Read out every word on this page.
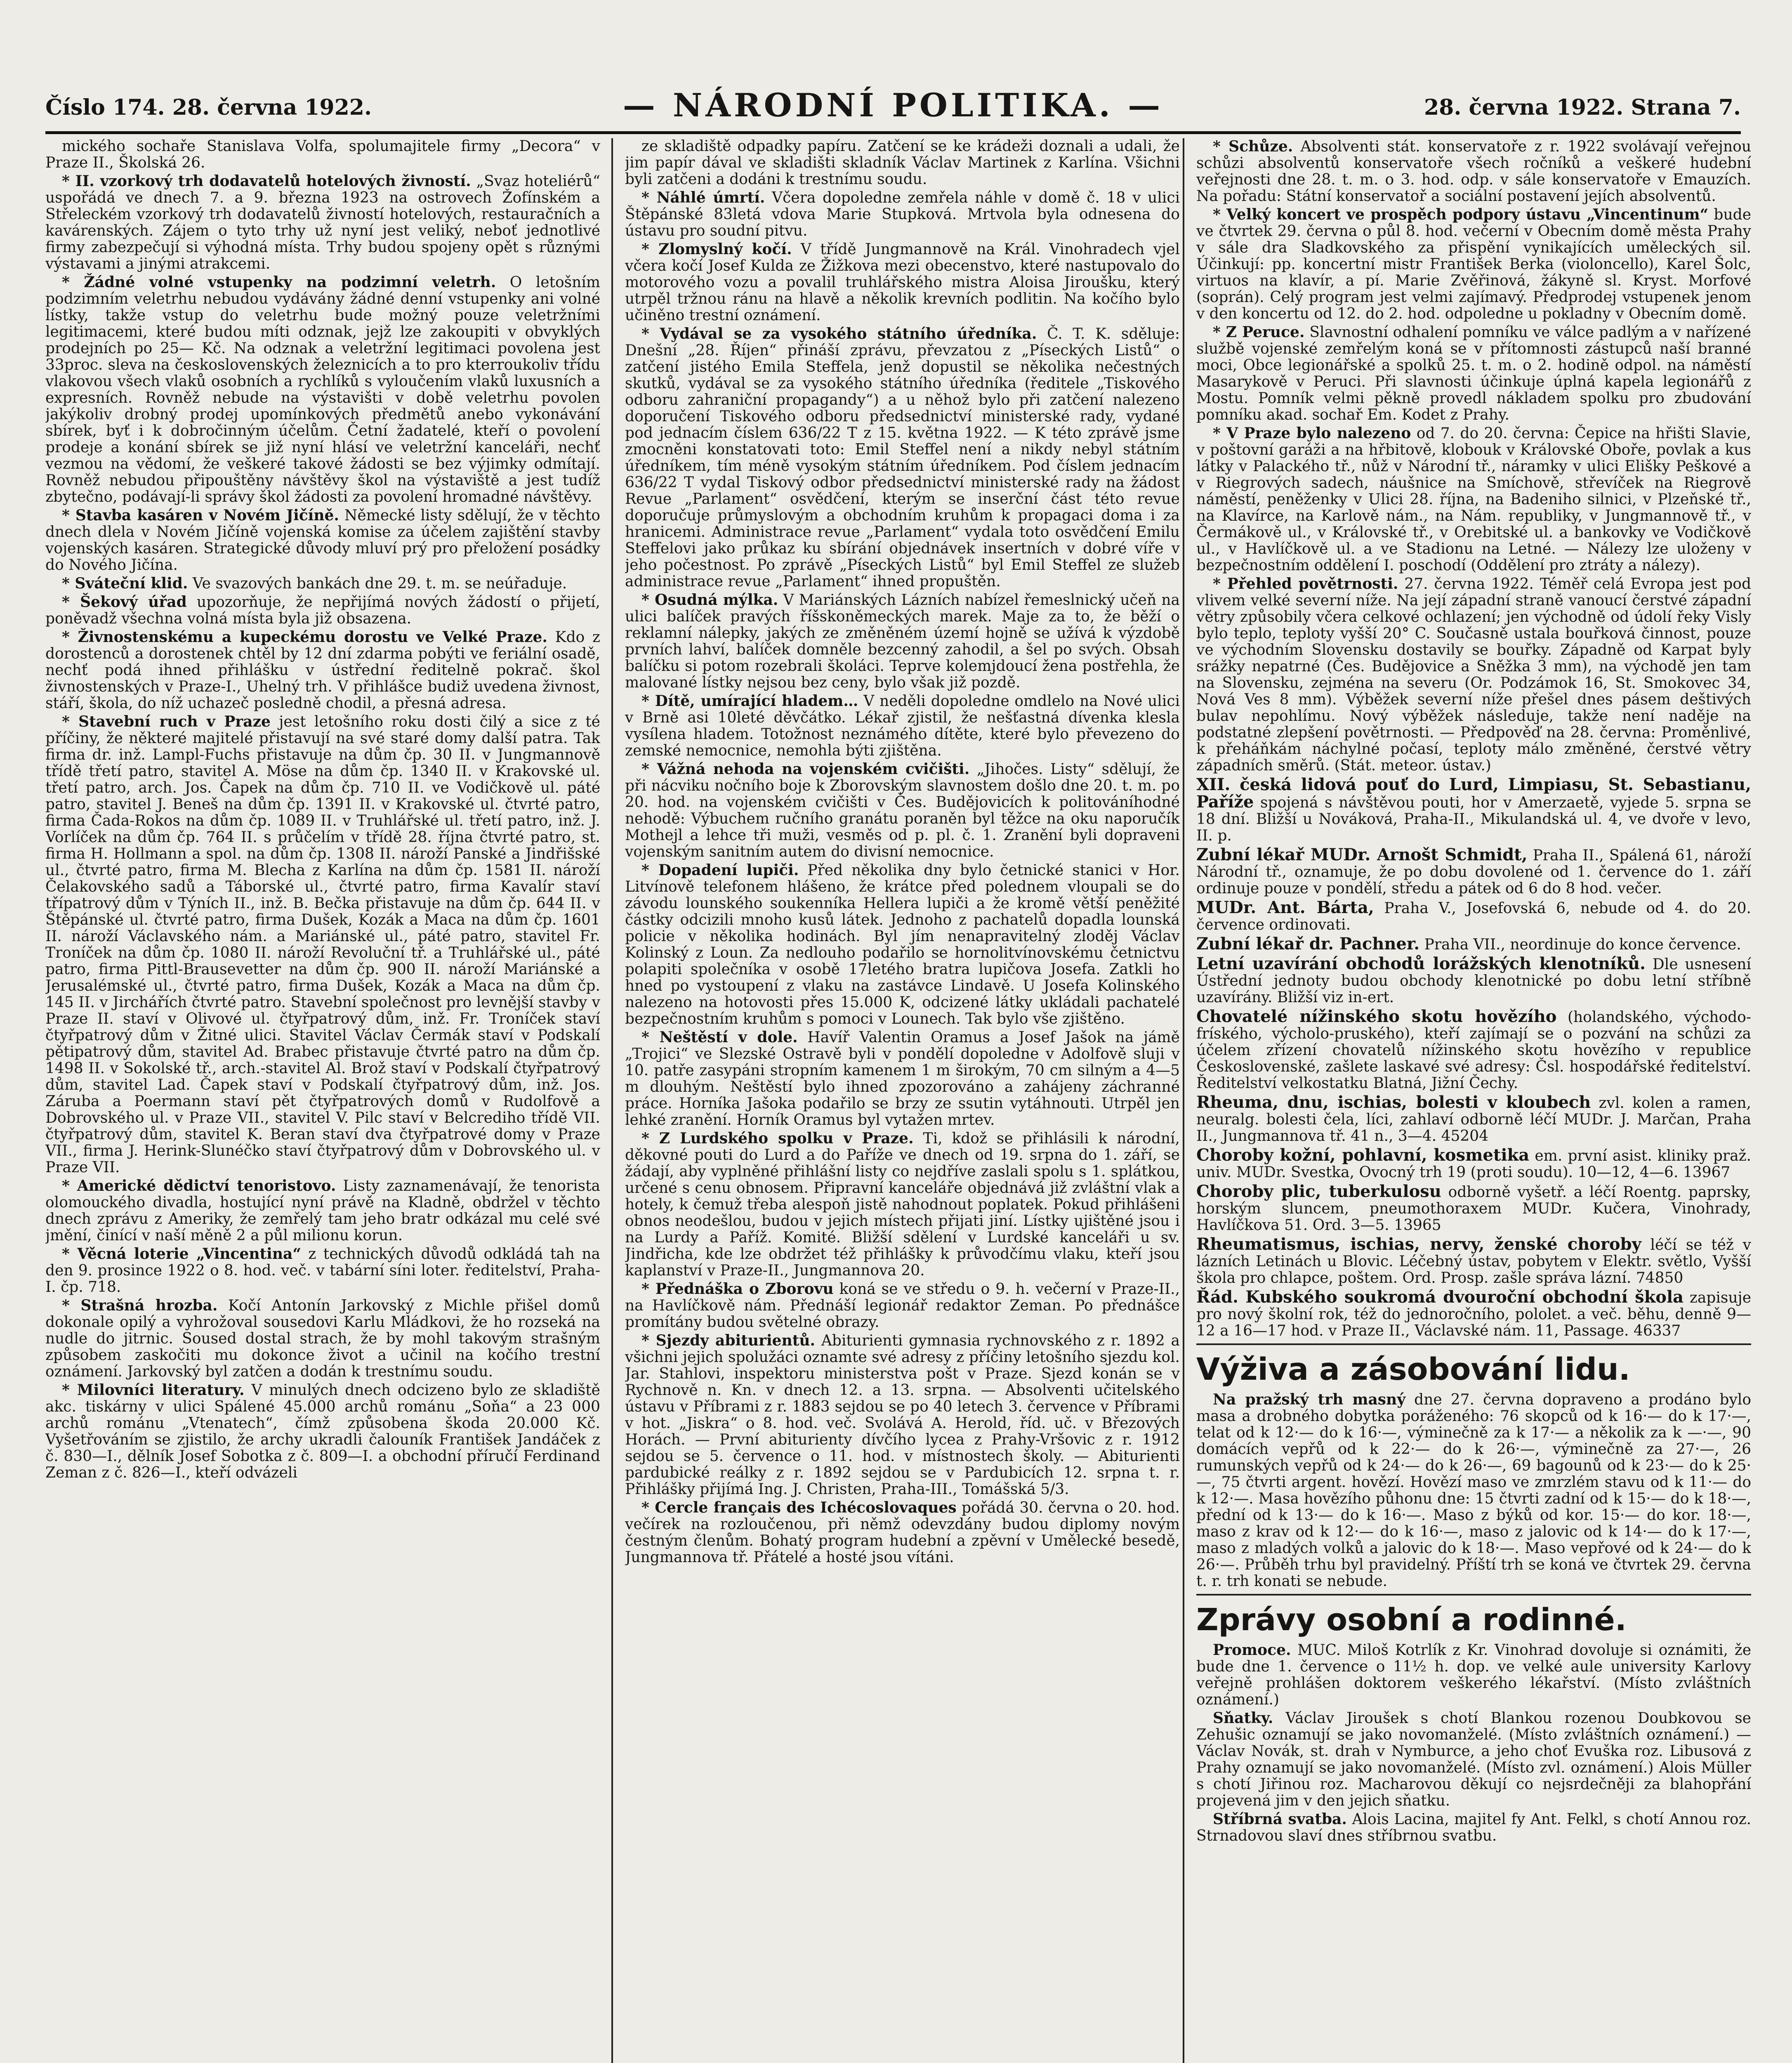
Číslo 174. 28. června 1922.	— NÁRODNÍ POLITIKA. —	28. června 1922. Strana 7.

mického sochaře Stanislava Volfa, spolumajitele firmy „Decora“ v Praze II., Školská 26.

* II. vzorkový trh dodavatelů hotelových živností. „Svaz hoteliérů“ uspořádá ve dnech 7. a 9. března 1923 na ostrovech Žofínském a Střeleckém vzorkový trh dodavatelů živností hotelových, restauračních a kavárenských. Zájem o tyto trhy už nyní jest veliký, neboť jednotlivé firmy zabezpečují si výhodná místa. Trhy budou spojeny opět s různými výstavami a jinými atrakcemi.

* Žádné volné vstupenky na podzimní veletrh. O letošním podzimním veletrhu nebudou vydávány žádné denní vstupenky ani volné lístky, takže vstup do veletrhu bude možný pouze veletržními legitimacemi, které budou míti odznak, jejž lze zakoupiti v obvyklých prodejních po 25— Kč. Na odznak a veletržní legitimaci povolena jest 33proc. sleva na československých železnicích a to pro kterroukoliv třídu vlakovou všech vlaků osobních a rychlíků s vyloučením vlaků luxusních a expresních. Rovněž nebude na výstavišti v době veletrhu povolen jakýkoliv drobný prodej upomínkových předmětů anebo vykonávání sbírek, byť i k dobročinným účelům. Četní žadatelé, kteří o povolení prodeje a konání sbírek se již nyní hlásí ve veletržní kanceláři, nechť vezmou na vědomí, že veškeré takové žádosti se bez výjimky odmítají. Rovněž nebudou připouštěny návštěvy škol na výstaviště a jest tudíž zbytečno, podávají-li správy škol žádosti za povolení hromadné návštěvy.

* Stavba kasáren v Novém Jičíně. Německé listy sdělují, že v těchto dnech dlela v Novém Jičíně vojenská komise za účelem zajištění stavby vojenských kasáren. Strategické důvody mluví prý pro přeložení posádky do Nového Jičína.

* Sváteční klid. Ve svazových bankách dne 29. t. m. se neúřaduje.

* Šekový úřad upozorňuje, že nepřijímá nových žádostí o přijetí, poněvadž všechna volná místa byla již obsazena.

* Živnostenskému a kupeckému dorostu ve Velké Praze. Kdo z dorostenců a dorostenek chtěl by 12 dní zdarma pobýti ve feriální osadě, nechť podá ihned přihlášku v ústřední ředitelně pokrač. škol živnostenských v Praze-I., Uhelný trh. V přihlášce budiž uvedena živnost, stáří, škola, do níž uchazeč posledně chodil, a přesná adresa.

* Stavební ruch v Praze jest letošního roku dosti čilý a sice z té příčiny, že některé majitelé přistavují na své staré domy další patra. Tak firma dr. inž. Lampl-Fuchs přistavuje na dům čp. 30 II. v Jungmannově třídě třetí patro, stavitel A. Möse na dům čp. 1340 II. v Krakovské ul. třetí patro, arch. Jos. Čapek na dům čp. 710 II. ve Vodičkově ul. páté patro, stavitel J. Beneš na dům čp. 1391 II. v Krakovské ul. čtvrté patro, firma Čada-Rokos na dům čp. 1089 II. v Truhlářské ul. třetí patro, inž. J. Vorlíček na dům čp. 764 II. s průčelím v třídě 28. října čtvrté patro, st. firma H. Hollmann a spol. na dům čp. 1308 II. nároží Panské a Jindřišské ul., čtvrté patro, firma M. Blecha z Karlína na dům čp. 1581 II. nároží Čelakovského sadů a Táborské ul., čtvrté patro, firma Kavalír staví třípatrový dům v Týních II., inž. B. Bečka přistavuje na dům čp. 644 II. v Štěpánské ul. čtvrté patro, firma Dušek, Kozák a Maca na dům čp. 1601 II. nároží Václavského nám. a Mariánské ul., páté patro, stavitel Fr. Troníček na dům čp. 1080 II. nároží Revoluční tř. a Truhlářské ul., páté patro, firma Pittl-Brausevetter na dům čp. 900 II. nároží Mariánské a Jerusalémské ul., čtvrté patro, firma Dušek, Kozák a Maca na dům čp. 145 II. v Jirchářích čtvrté patro. Stavební společnost pro levnější stavby v Praze II. staví v Olivové ul. čtyřpatrový dům, inž. Fr. Troníček staví čtyřpatrový dům v Žitné ulici. Stavitel Václav Čermák staví v Podskalí pětipatrový dům, stavitel Ad. Brabec přistavuje čtvrté patro na dům čp. 1498 II. v Sokolské tř., arch.-stavitel Al. Brož staví v Podskalí čtyřpatrový dům, stavitel Lad. Čapek staví v Podskalí čtyřpatrový dům, inž. Jos. Záruba a Poermann staví pět čtyřpatrových domů v Rudolfově a Dobrovského ul. v Praze VII., stavitel V. Pilc staví v Belcrediho třídě VII. čtyřpatrový dům, stavitel K. Beran staví dva čtyřpatrové domy v Praze VII., firma J. Herink-Slunéčko staví čtyřpatrový dům v Dobrovského ul. v Praze VII.

* Americké dědictví tenoristovo. Listy zaznamenávají, že tenorista olomouckého divadla, hostující nyní právě na Kladně, obdržel v těchto dnech zprávu z Ameriky, že zemřelý tam jeho bratr odkázal mu celé své jmění, činící v naší měně 2 a půl milionu korun.

* Věcná loterie „Vincentina“ z technických důvodů odkládá tah na den 9. prosince 1922 o 8. hod. več. v tabární síni loter. ředitelství, Praha-I. čp. 718.

* Strašná hrozba. Kočí Antonín Jarkovský z Michle přišel domů dokonale opilý a vyhrožoval sousedovi Karlu Mládkovi, že ho rozseká na nudle do jitrnic. Soused dostal strach, že by mohl takovým strašným způsobem zaskočiti mu dokonce život a učinil na kočího trestní oznámení. Jarkovský byl zatčen a dodán k trestnímu soudu.

* Milovníci literatury. V minulých dnech odcizeno bylo ze skladiště akc. tiskárny v ulici Spálené 45.000 archů románu „Soňa“ a 23 000 archů románu „Vtenatech“, čímž způsobena škoda 20.000 Kč. Vyšetřováním se zjistilo, že archy ukradli čalouník František Jandáček z č. 830—I., dělník Josef Sobotka z č. 809—I. a obchodní příručí Ferdinand Zeman z č. 826—I., kteří odvázeli

ze skladiště odpadky papíru. Zatčení se ke krádeži doznali a udali, že jim papír dával ve skladišti skladník Václav Martinek z Karlína. Všichni byli zatčeni a dodáni k trestnímu soudu.

* Náhlé úmrtí. Včera dopoledne zemřela náhle v domě č. 18 v ulici Štěpánské 83letá vdova Marie Stupková. Mrtvola byla odnesena do ústavu pro soudní pitvu.

* Zlomyslný kočí. V třídě Jungmannově na Král. Vinohradech vjel včera kočí Josef Kulda ze Žižkova mezi obecenstvo, které nastupovalo do motorového vozu a povalil truhlářského mistra Aloisa Jiroušku, který utrpěl tržnou ránu na hlavě a několik krevních podlitin. Na kočího bylo učiněno trestní oznámení.

* Vydával se za vysokého státního úředníka. Č. T. K. sděluje: Dnešní „28. Říjen“ přináší zprávu, převzatou z „Píseckých Listů“ o zatčení jistého Emila Steffela, jenž dopustil se několika nečestných skutků, vydával se za vysokého státního úředníka (ředitele „Tiskového odboru zahraniční propagandy“) a u něhož bylo při zatčení nalezeno doporučení Tiskového odboru předsednictví ministerské rady, vydané pod jednacím číslem 636/22 T z 15. května 1922. — K této zprávě jsme zmocněni konstatovati toto: Emil Steffel není a nikdy nebyl státním úředníkem, tím méně vysokým státním úředníkem. Pod číslem jednacím 636/22 T vydal Tiskový odbor předsednictví ministerské rady na žádost Revue „Parlament“ osvědčení, kterým se inserční část této revue doporučuje průmyslovým a obchodním kruhům k propagaci doma i za hranicemi. Administrace revue „Parlament“ vydala toto osvědčení Emilu Steffelovi jako průkaz ku sbírání objednávek insertních v dobré víře v jeho počestnost. Po zprávě „Píseckých Listů“ byl Emil Steffel ze služeb administrace revue „Parlament“ ihned propuštěn.

* Osudná mýlka. V Mariánských Lázních nabízel řemeslnický učeň na ulici balíček pravých říšskoněmeckých marek. Maje za to, že běží o reklamní nálepky, jakých ze změněném území hojně se užívá k výzdobě prvních lahví, balíček domněle bezcenný zahodil, a šel po svých. Obsah balíčku si potom rozebrali školáci. Teprve kolemjdoucí žena postřehla, že malované lístky nejsou bez ceny, bylo však již pozdě.

* Dítě, umírající hladem… V neděli dopoledne omdlelo na Nové ulici v Brně asi 10leté děvčátko. Lékař zjistil, že nešťastná dívenka klesla vysílena hladem. Totožnost neznámého dítěte, které bylo převezeno do zemské nemocnice, nemohla býti zjištěna.

* Vážná nehoda na vojenském cvičišti. „Jihočes. Listy“ sdělují, že při nácviku nočního boje k Zborovským slavnostem došlo dne 20. t. m. po 20. hod. na vojenském cvičišti v Čes. Budějovicích k politováníhodné nehodě: Výbuchem ručního granátu poraněn byl těžce na oku naporučík Mothejl a lehce tři muži, vesměs od p. pl. č. 1. Zranění byli dopraveni vojenským sanitním autem do divisní nemocnice.

* Dopadení lupiči. Před několika dny bylo četnické stanici v Hor. Litvínově telefonem hlášeno, že krátce před polednem vloupali se do závodu lounského soukenníka Hellera lupiči a že kromě větší peněžité částky odcizili mnoho kusů látek. Jednoho z pachatelů dopadla lounská policie v několika hodinách. Byl jím nenapravitelný zloděj Václav Kolinský z Loun. Za nedlouho podařilo se hornolitvínovskému četnictvu polapiti společníka v osobě 17letého bratra lupičova Josefa. Zatkli ho hned po vystoupení z vlaku na zastávce Lindavě. U Josefa Kolinského nalezeno na hotovosti přes 15.000 K, odcizené látky ukládali pachatelé bezpečnostním kruhům s pomoci v Lounech. Tak bylo vše zjištěno.

* Neštěstí v dole. Havíř Valentin Oramus a Josef Jašok na jámě „Trojici“ ve Slezské Ostravě byli v pondělí dopoledne v Adolfově sluji v 10. patře zasypáni stropním kamenem 1 m širokým, 70 cm silným a 4—5 m dlouhým. Neštěstí bylo ihned zpozorováno a zahájeny záchranné práce. Horníka Jašoka podařilo se brzy ze ssutin vytáhnouti. Utrpěl jen lehké zranění. Horník Oramus byl vytažen mrtev.

* Z Lurdského spolku v Praze. Ti, kdož se přihlásili k národní, děkovné pouti do Lurd a do Paříže ve dnech od 19. srpna do 1. září, se žádají, aby vyplněné přihlášní listy co nejdříve zaslali spolu s 1. splátkou, určené s cenu obnosem. Připravní kanceláře objednává již zvláštní vlak a hotely, k čemuž třeba alespoň jistě nahodnout poplatek. Pokud přihlášeni obnos neodešlou, budou v jejich místech přijati jiní. Lístky ujištěné jsou i na Lurdy a Paříž. Komité. Bližší sdělení v Lurdské kanceláři u sv. Jindřicha, kde lze obdržet též přihlášky k průvodčímu vlaku, kteří jsou kaplanství v Praze-II., Jungmannova 20.

* Přednáška o Zborovu koná se ve středu o 9. h. večerní v Praze-II., na Havlíčkově nám. Přednáší legionář redaktor Zeman. Po přednášce promítány budou světelné obrazy.

* Sjezdy abiturientů. Abiturienti gymnasia rychnovského z r. 1892 a všichni jejich spolužáci oznamte své adresy z příčiny letošního sjezdu kol. Jar. Stahlovi, inspektoru ministerstva pošt v Praze. Sjezd konán se v Rychnově n. Kn. v dnech 12. a 13. srpna. — Absolventi učitelského ústavu v Příbrami z r. 1883 sejdou se po 40 letech 3. července v Příbrami v hot. „Jiskra“ o 8. hod. več. Svolává A. Herold, říd. uč. v Březových Horách. — První abiturienty dívčího lycea z Prahy-Vršovic z r. 1912 sejdou se 5. července o 11. hod. v místnostech školy. — Abiturienti pardubické reálky z r. 1892 sejdou se v Pardubicích 12. srpna t. r. Přihlášky přijímá Ing. J. Christen, Praha-III., Tomášská 5/3.

* Cercle français des Ichécoslovaques pořádá 30. června o 20. hod. večírek na rozloučenou, při němž odevzdány budou diplomy novým čestným členům. Bohatý program hudební a zpěvní v Umělecké besedě, Jungmannova tř. Přátelé a hosté jsou vítáni.

* Schůze. Absolventi stát. konservatoře z r. 1922 svolávají veřejnou schůzi absolventů konservatoře všech ročníků a veškeré hudební veřejnosti dne 28. t. m. o 3. hod. odp. v sále konservatoře v Emauzích. Na pořadu: Státní konservatoř a sociální postavení jejích absolventů.

* Velký koncert ve prospěch podpory ústavu „Vincentinum“ bude ve čtvrtek 29. června o půl 8. hod. večerní v Obecním domě města Prahy v sále dra Sladkovského za přispění vynikajících uměleckých sil. Účinkují: pp. koncertní mistr František Berka (violoncello), Karel Šolc, virtuos na klavír, a pí. Marie Zvěřinová, žákyně sl. Kryst. Morfové (soprán). Celý program jest velmi zajímavý. Předprodej vstupenek jenom v den koncertu od 12. do 2. hod. odpoledne u pokladny v Obecním domě.

* Z Peruce. Slavnostní odhalení pomníku ve válce padlým a v nařízené službě vojenské zemřelým koná se v přítomnosti zástupců naší branné moci, Obce legionářské a spolků 25. t. m. o 2. hodině odpol. na náměstí Masarykově v Peruci. Při slavnosti účinkuje úplná kapela legionářů z Mostu. Pomník velmi pěkně provedl nákladem spolku pro zbudování pomníku akad. sochař Em. Kodet z Prahy.

* V Praze bylo nalezeno od 7. do 20. června: Čepice na hřišti Slavie, v poštovní garáži a na hřbitově, klobouk v Královské Oboře, povlak a kus látky v Palackého tř., nůž v Národní tř., náramky v ulici Eliškу Peškové a v Riegrových sadech, náušnice na Smíchově, střevíček na Riegrově náměstí, peněženky v Ulici 28. října, na Badeniho silnici, v Plzeňské tř., na Klavírce, na Karlově nám., na Nám. republiky, v Jungmannově tř., v Čermákově ul., v Královské tř., v Orebitské ul. a bankovky ve Vodičkově ul., v Havlíčkově ul. a ve Stadionu na Letné. — Nálezy lze uloženy v bezpečnostním oddělení I. poschodí (Oddělení pro ztráty a nálezy).

* Přehled povětrnosti. 27. června 1922. Téměř celá Evropa jest pod vlivem velké severní níže. Na její západní straně vanoucí čerstvé západní větry způsobily včera celkové ochlazení; jen východně od údolí řeky Visly bylo teplo, teploty vyšší 20° C. Současně ustala bouřková činnost, pouze ve východním Slovensku dostavily se bouřky. Západně od Karpat byly srážky nepatrné (Čes. Budějovice a Sněžka 3 mm), na východě jen tam na Slovensku, zejména na severu (Or. Podzámok 16, St. Smokovec 34, Nová Ves 8 mm). Výběžek severní níže přešel dnes pásem deštivých bulav nepohlímu. Nový výběžek následuje, takže není naděje na podstatné zlepšení povětrnosti. — Předpověď na 28. června: Proměnlivé, k přeháňkám náchylné počasí, teploty málo změněné, čerstvé větry západních směrů. (Stát. meteor. ústav.)

XII. česká lidová pouť do Lurd, Limpiasu, St. Sebastianu, Paříže spojená s návštěvou pouti, hor v Amerzaetě, vyjede 5. srpna se 18 dní. Bližší u Nováková, Praha-II., Mikulandská ul. 4, ve dvoře v levo, II. p.

Zubní lékař MUDr. Arnošt Schmidt, Praha II., Spálená 61, nároží Národní tř., oznamuje, že po dobu dovolené od 1. července do 1. září ordinuje pouze v pondělí, středu a pátek od 6 do 8 hod. večer.

MUDr. Ant. Bárta, Praha V., Josefovská 6, nebude od 4. do 20. července ordinovati.

Zubní lékař dr. Pachner. Praha VII., neordinuje do konce července.

Letní uzavírání obchodů lorážských klenotníků. Dle usnesení Ústřední jednoty budou obchody klenotnické po dobu letní stříbně uzavírány. Bližší viz in-ert.

Chovatelé nížinského skotu hovězího (holandského, východo-fríského, výcholo-pruského), kteří zajímají se o pozvání na schůzi za účelem zřízení chovatelů nížinského skotu hovězího v republice Československé, zašlete laskavé své adresy: Čsl. hospodářské ředitelství. Ředitelství velkostatku Blatná, Jižní Čechy.

Rheuma, dnu, ischias, bolesti v kloubech zvl. kolen a ramen, neuralg. bolesti čela, líci, zahlaví odborně léčí MUDr. J. Marčan, Praha II., Jungmannova tř. 41 n., 3—4. 45204

Choroby kožní, pohlavní, kosmetika em. první asist. kliniky praž. univ. MUDr. Svestka, Ovocný trh 19 (proti soudu). 10—12, 4—6. 13967

Choroby plic, tuberkulosu odborně vyšetř. a léčí Roentg. paprsky, horským sluncem, pneumothoraxem MUDr. Kučera, Vinohrady, Havlíčkova 51. Ord. 3—5. 13965

Rheumatismus, ischias, nervy, ženské choroby léčí se též v lázních Letinách u Blovic. Léčebný ústav, pobytem v Elektr. světlo, Vyšší škola pro chlapce, poštem. Ord. Prosp. zašle správa lázní. 74850

Řád. Kubského soukromá dvouroční obchodní škola zapisuje pro nový školní rok, též do jednoročního, pololet. a več. běhu, denně 9—12 a 16—17 hod. v Praze II., Václavské nám. 11, Passage. 46337

Výživa a zásobování lidu.

Na pražský trh masný dne 27. června dopraveno a prodáno bylo masa a drobného dobytka poráženého: 76 skopců od k 16·— do k 17·—, telat od k 12·— do k 16·—, výminečně za k 17·— a několik za k —·—, 90 domácích vepřů od k 22·— do k 26·—, výminečně za 27·—, 26 rumunských vepřů od k 24·— do k 26·—, 69 bagounů od k 23·— do k 25·—, 75 čtvrti argent. hovězí. Hovězí maso ve zmrzlém stavu od k 11·— do k 12·—. Masa hovězího půhonu dne: 15 čtvrti zadní od k 15·— do k 18·—, přední od k 13·— do k 16·—. Maso z býků od kor. 15·— do kor. 18·—, maso z krav od k 12·— do k 16·—, maso z jalovic od k 14·— do k 17·—, maso z mladých volků a jalovic do k 18·—. Maso vepřové od k 24·— do k 26·—. Průběh trhu byl pravidelný. Příští trh se koná ve čtvrtek 29. června t. r. trh konati se nebude.

Zprávy osobní a rodinné.

Promoce. MUC. Miloš Kotrlík z Kr. Vinohrad dovoluje si oznámiti, že bude dne 1. července o 11½ h. dop. ve velké aule university Karlovy veřejně prohlášen doktorem veškerého lékařství. (Místo zvláštních oznámení.)

Sňatky. Václav Jiroušek s chotí Blankou rozenou Doubkovou se Zehušic oznamují se jako novomanželé. (Místo zvláštních oznámení.) — Václav Novák, st. drah v Nymburce, a jeho choť Evuška roz. Libusová z Prahy oznamují se jako novomanželé. (Místo zvl. oznámení.) Alois Müller s chotí Jiřinou roz. Macharovou děkují co nejsrdečněji za blahopřání projevená jim v den jejich sňatku.

Stříbrná svatba. Alois Lacina, majitel fy Ant. Felkl, s chotí Annou roz. Strnadovou slaví dnes stříbrnou svatbu.
